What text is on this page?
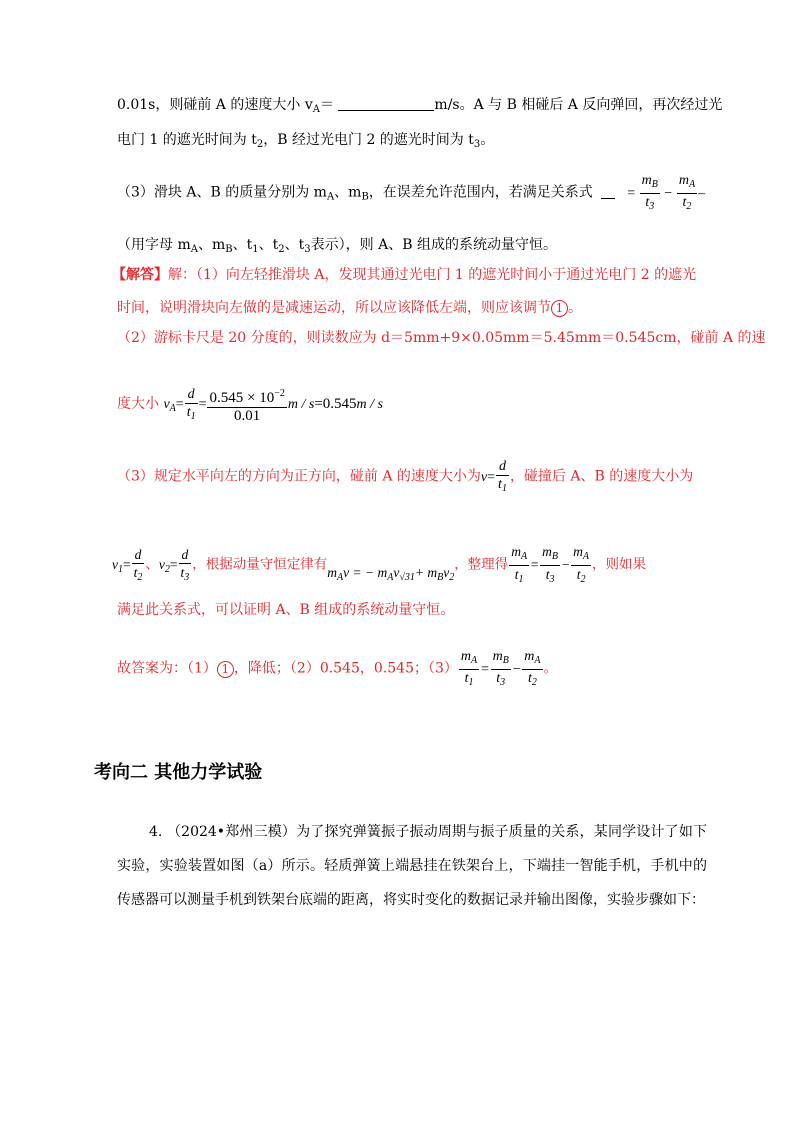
0.01s，则碰前 A 的速度大小 $v_A=$	m/s。A 与 B 相碰后 A 反向弹回，再次经过光
电门 1 的遮光时间为 $t_2$，B 经过光电门 2 的遮光时间为 $t_3$。
（3）滑块 A、B 的质量分别为 $m_A$、$m_B$，在误差允许范围内，若满足关系式 = $\frac{m_B}{t_3} - \frac{m_A}{t_2}$ –
（用字母 $m_A$、$m_B$、$t_1$、$t_2$、$t_3$表示），则 A、B 组成的系统动量守恒。
【解答】解：（1）向左轻推滑块 A，发现其通过光电门 1 的遮光时间小于通过光电门 2 的遮光
时间，说明滑块向左做的是减速运动，所以应该降低左端，则应该调节 1 。
（2）游标卡尺是 20 分度的，则读数应为 d＝5mm+9×0.05mm＝5.45mm＝0.545cm，碰前 A 的速
度大小 $v_A= \frac{d}{t_1} = \frac{0.545 \times 10^{-2}}{0.01}$ m / s=0.545m / s
（3）规定水平向左的方向为正方向，碰前 A 的速度大小为$v= \frac{d}{t_1}$ ，碰撞后 A、B 的速度大小为
$v_1= \frac{d}{t_2}$ 、$v_2= \frac{d}{t_3}$ ，根据动量守恒定律有$m_Av$ = − $m_Av_{√31}+ m_Bv_2$，整理得 $\frac{m_A}{t_1} = \frac{m_B}{t_3} - \frac{m_A}{t_2}$ ，则如果
满足此关系式，可以证明 A、B 组成的系统动量守恒。
故答案为：（1） 1 ，降低；（2）0.545，0.545；$(3) \frac{m_A}{t_1} = \frac{m_B}{t_3} - \frac{m_A}{t_2}$ 。
考向二 其他力学试验
4. （2024•郑州三模）为了探究弹簧振子振动周期与振子质量的关系，某同学设计了如下实验，实验装置如图（a）所示。轻质弹簧上端悬挂在铁架台上，下端挂一智能手机，手机中的传感器可以测量手机到铁架台底端的距离，将实时变化的数据记录并输出图像，实验步骤如下：
